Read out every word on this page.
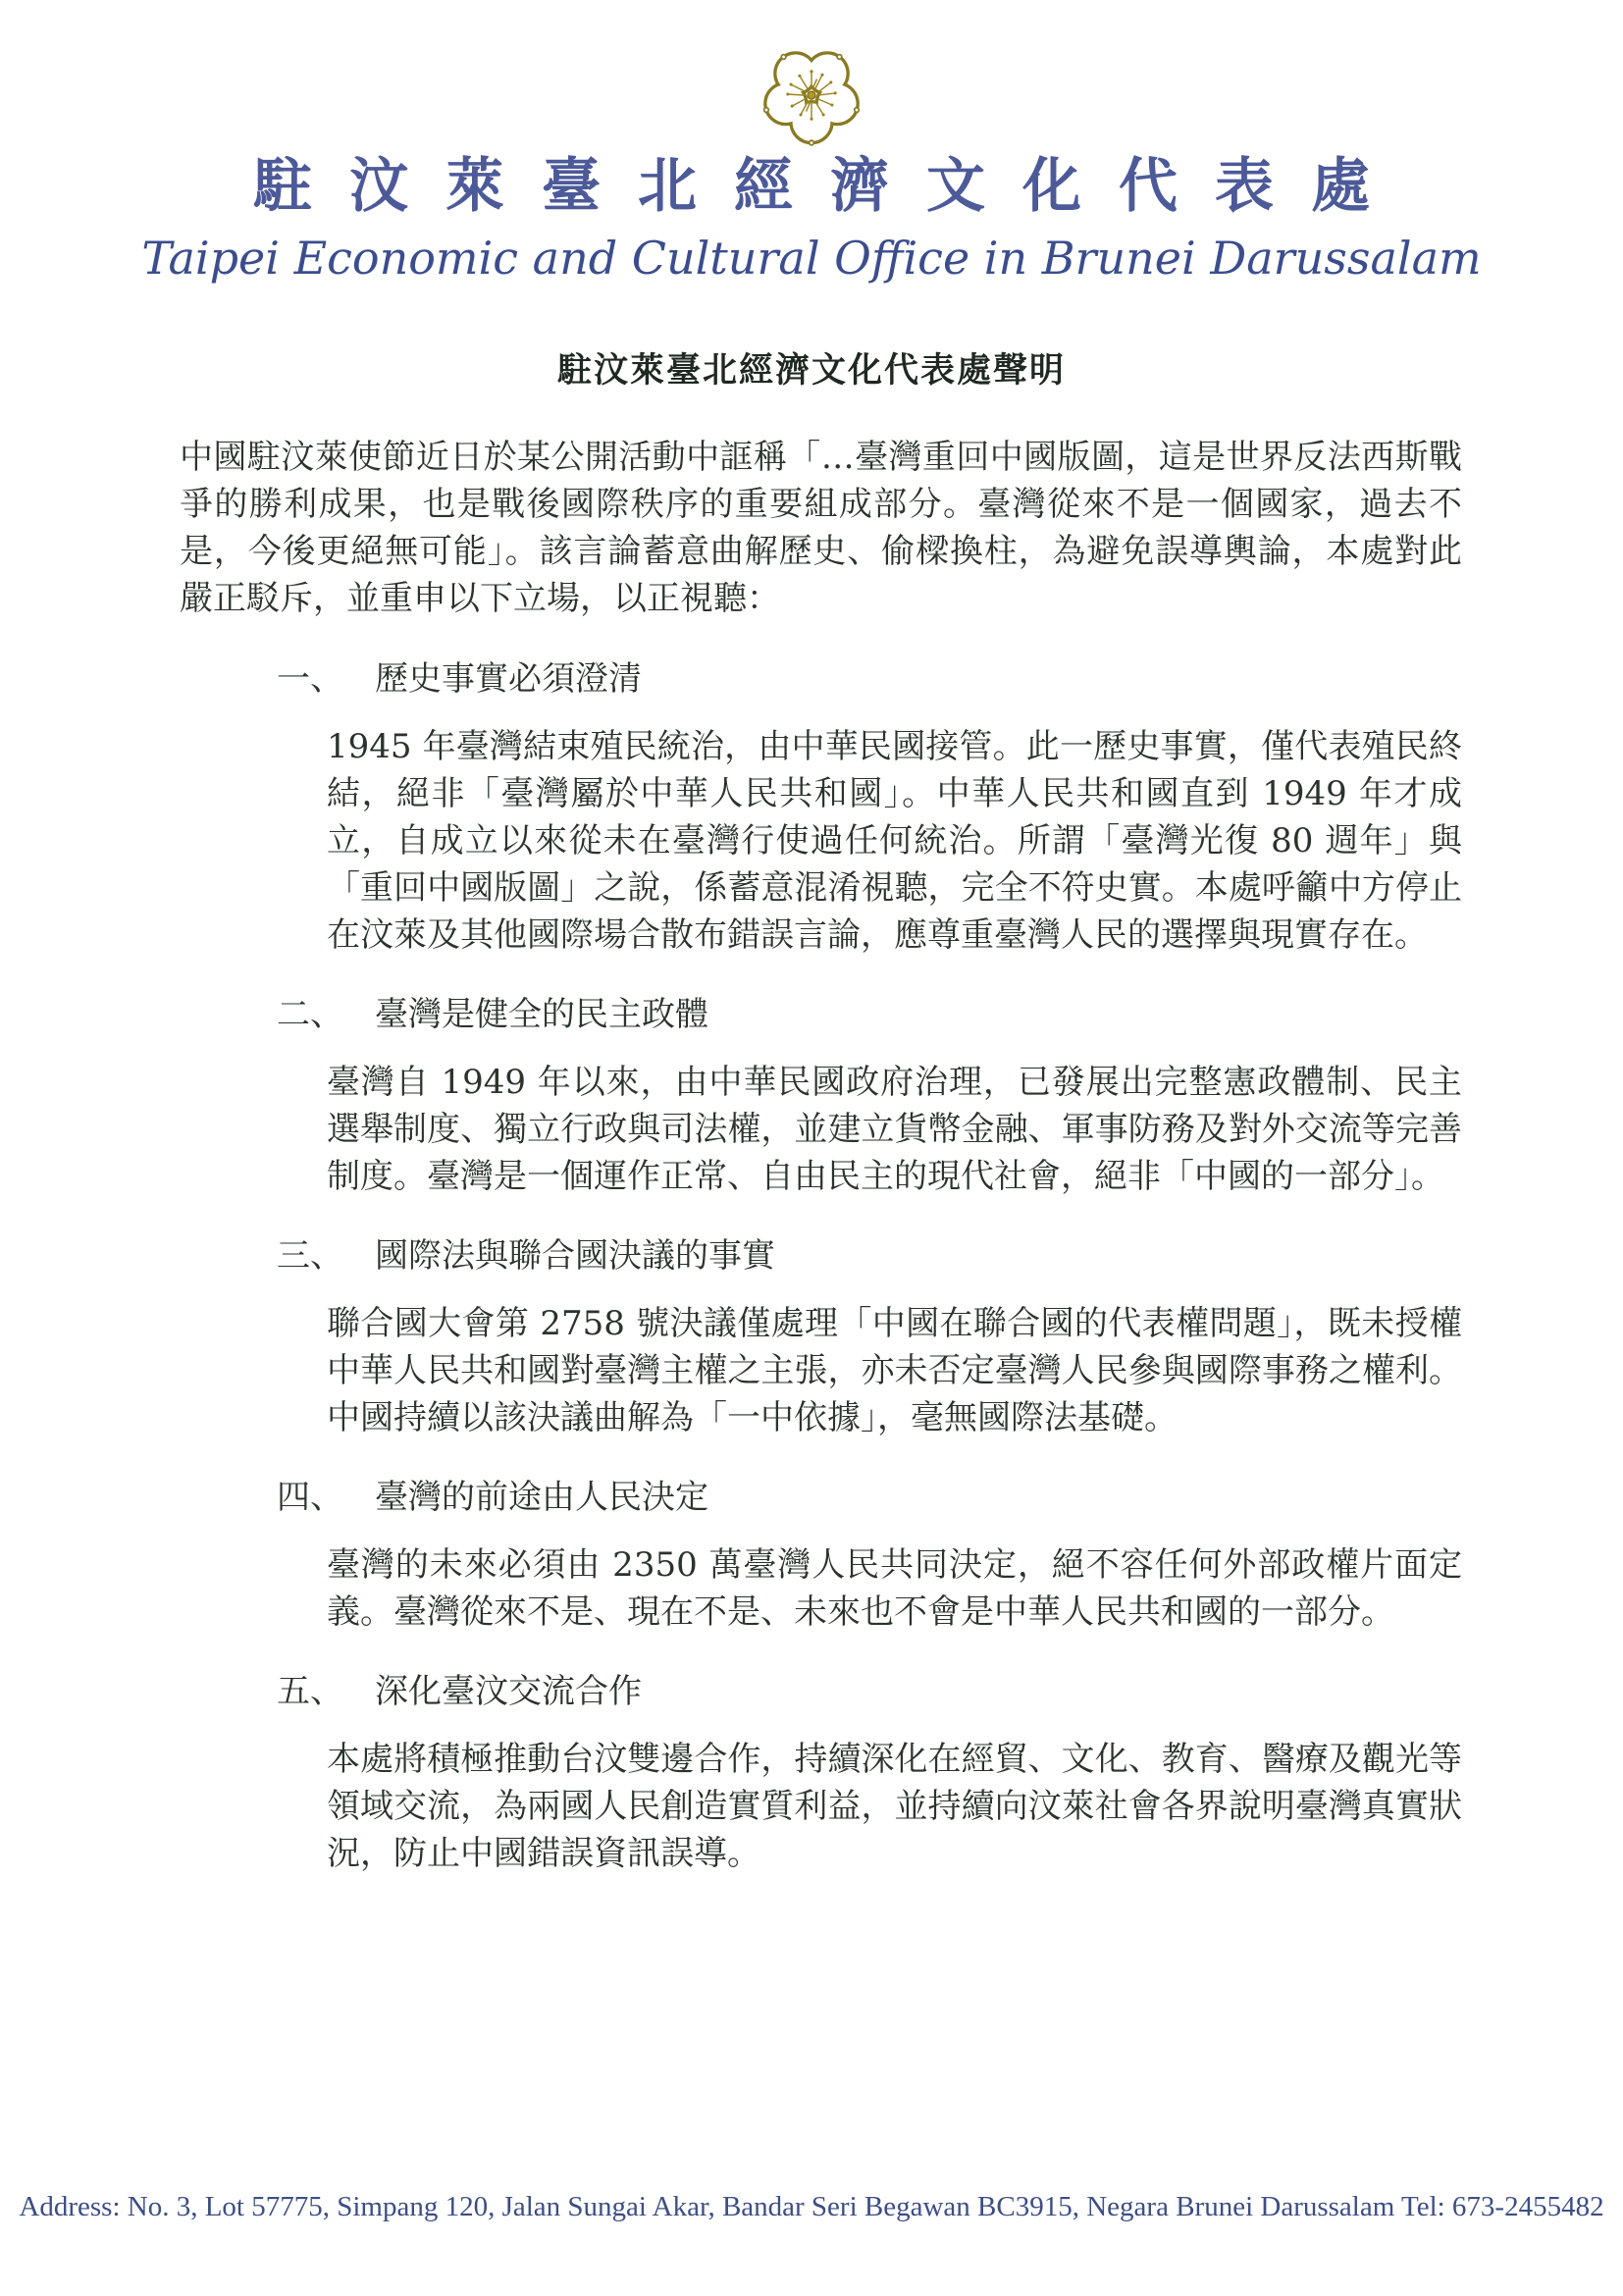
駐汶萊臺北經濟文化代表處
Taipei Economic and Cultural Office in Brunei Darussalam
駐汶萊臺北經濟文化代表處聲明

中國駐汶萊使節近日於某公開活動中誆稱「…臺灣重回中國版圖，這是世界反法西斯戰爭的勝利成果，也是戰後國際秩序的重要組成部分。臺灣從來不是一個國家，過去不是，今後更絕無可能」。該言論蓄意曲解歷史、偷樑換柱，為避免誤導輿論，本處對此嚴正駁斥，並重申以下立場，以正視聽：

一、 歷史事實必須澄清

1945 年臺灣結束殖民統治，由中華民國接管。此一歷史事實，僅代表殖民終結，絕非「臺灣屬於中華人民共和國」。中華人民共和國直到 1949 年才成立，自成立以來從未在臺灣行使過任何統治。所謂「臺灣光復 80 週年」與「重回中國版圖」之說，係蓄意混淆視聽，完全不符史實。本處呼籲中方停止在汶萊及其他國際場合散布錯誤言論，應尊重臺灣人民的選擇與現實存在。

二、 臺灣是健全的民主政體

臺灣自 1949 年以來，由中華民國政府治理，已發展出完整憲政體制、民主選舉制度、獨立行政與司法權，並建立貨幣金融、軍事防務及對外交流等完善制度。臺灣是一個運作正常、自由民主的現代社會，絕非「中國的一部分」。

三、 國際法與聯合國決議的事實

聯合國大會第 2758 號決議僅處理「中國在聯合國的代表權問題」，既未授權中華人民共和國對臺灣主權之主張，亦未否定臺灣人民參與國際事務之權利。中國持續以該決議曲解為「一中依據」，毫無國際法基礎。

四、 臺灣的前途由人民決定

臺灣的未來必須由 2350 萬臺灣人民共同決定，絕不容任何外部政權片面定義。臺灣從來不是、現在不是、未來也不會是中華人民共和國的一部分。

五、 深化臺汶交流合作

本處將積極推動台汶雙邊合作，持續深化在經貿、文化、教育、醫療及觀光等領域交流，為兩國人民創造實質利益，並持續向汶萊社會各界說明臺灣真實狀況，防止中國錯誤資訊誤導。

Address: No. 3, Lot 57775, Simpang 120, Jalan Sungai Akar, Bandar Seri Begawan BC3915, Negara Brunei Darussalam Tel: 673-2455482
